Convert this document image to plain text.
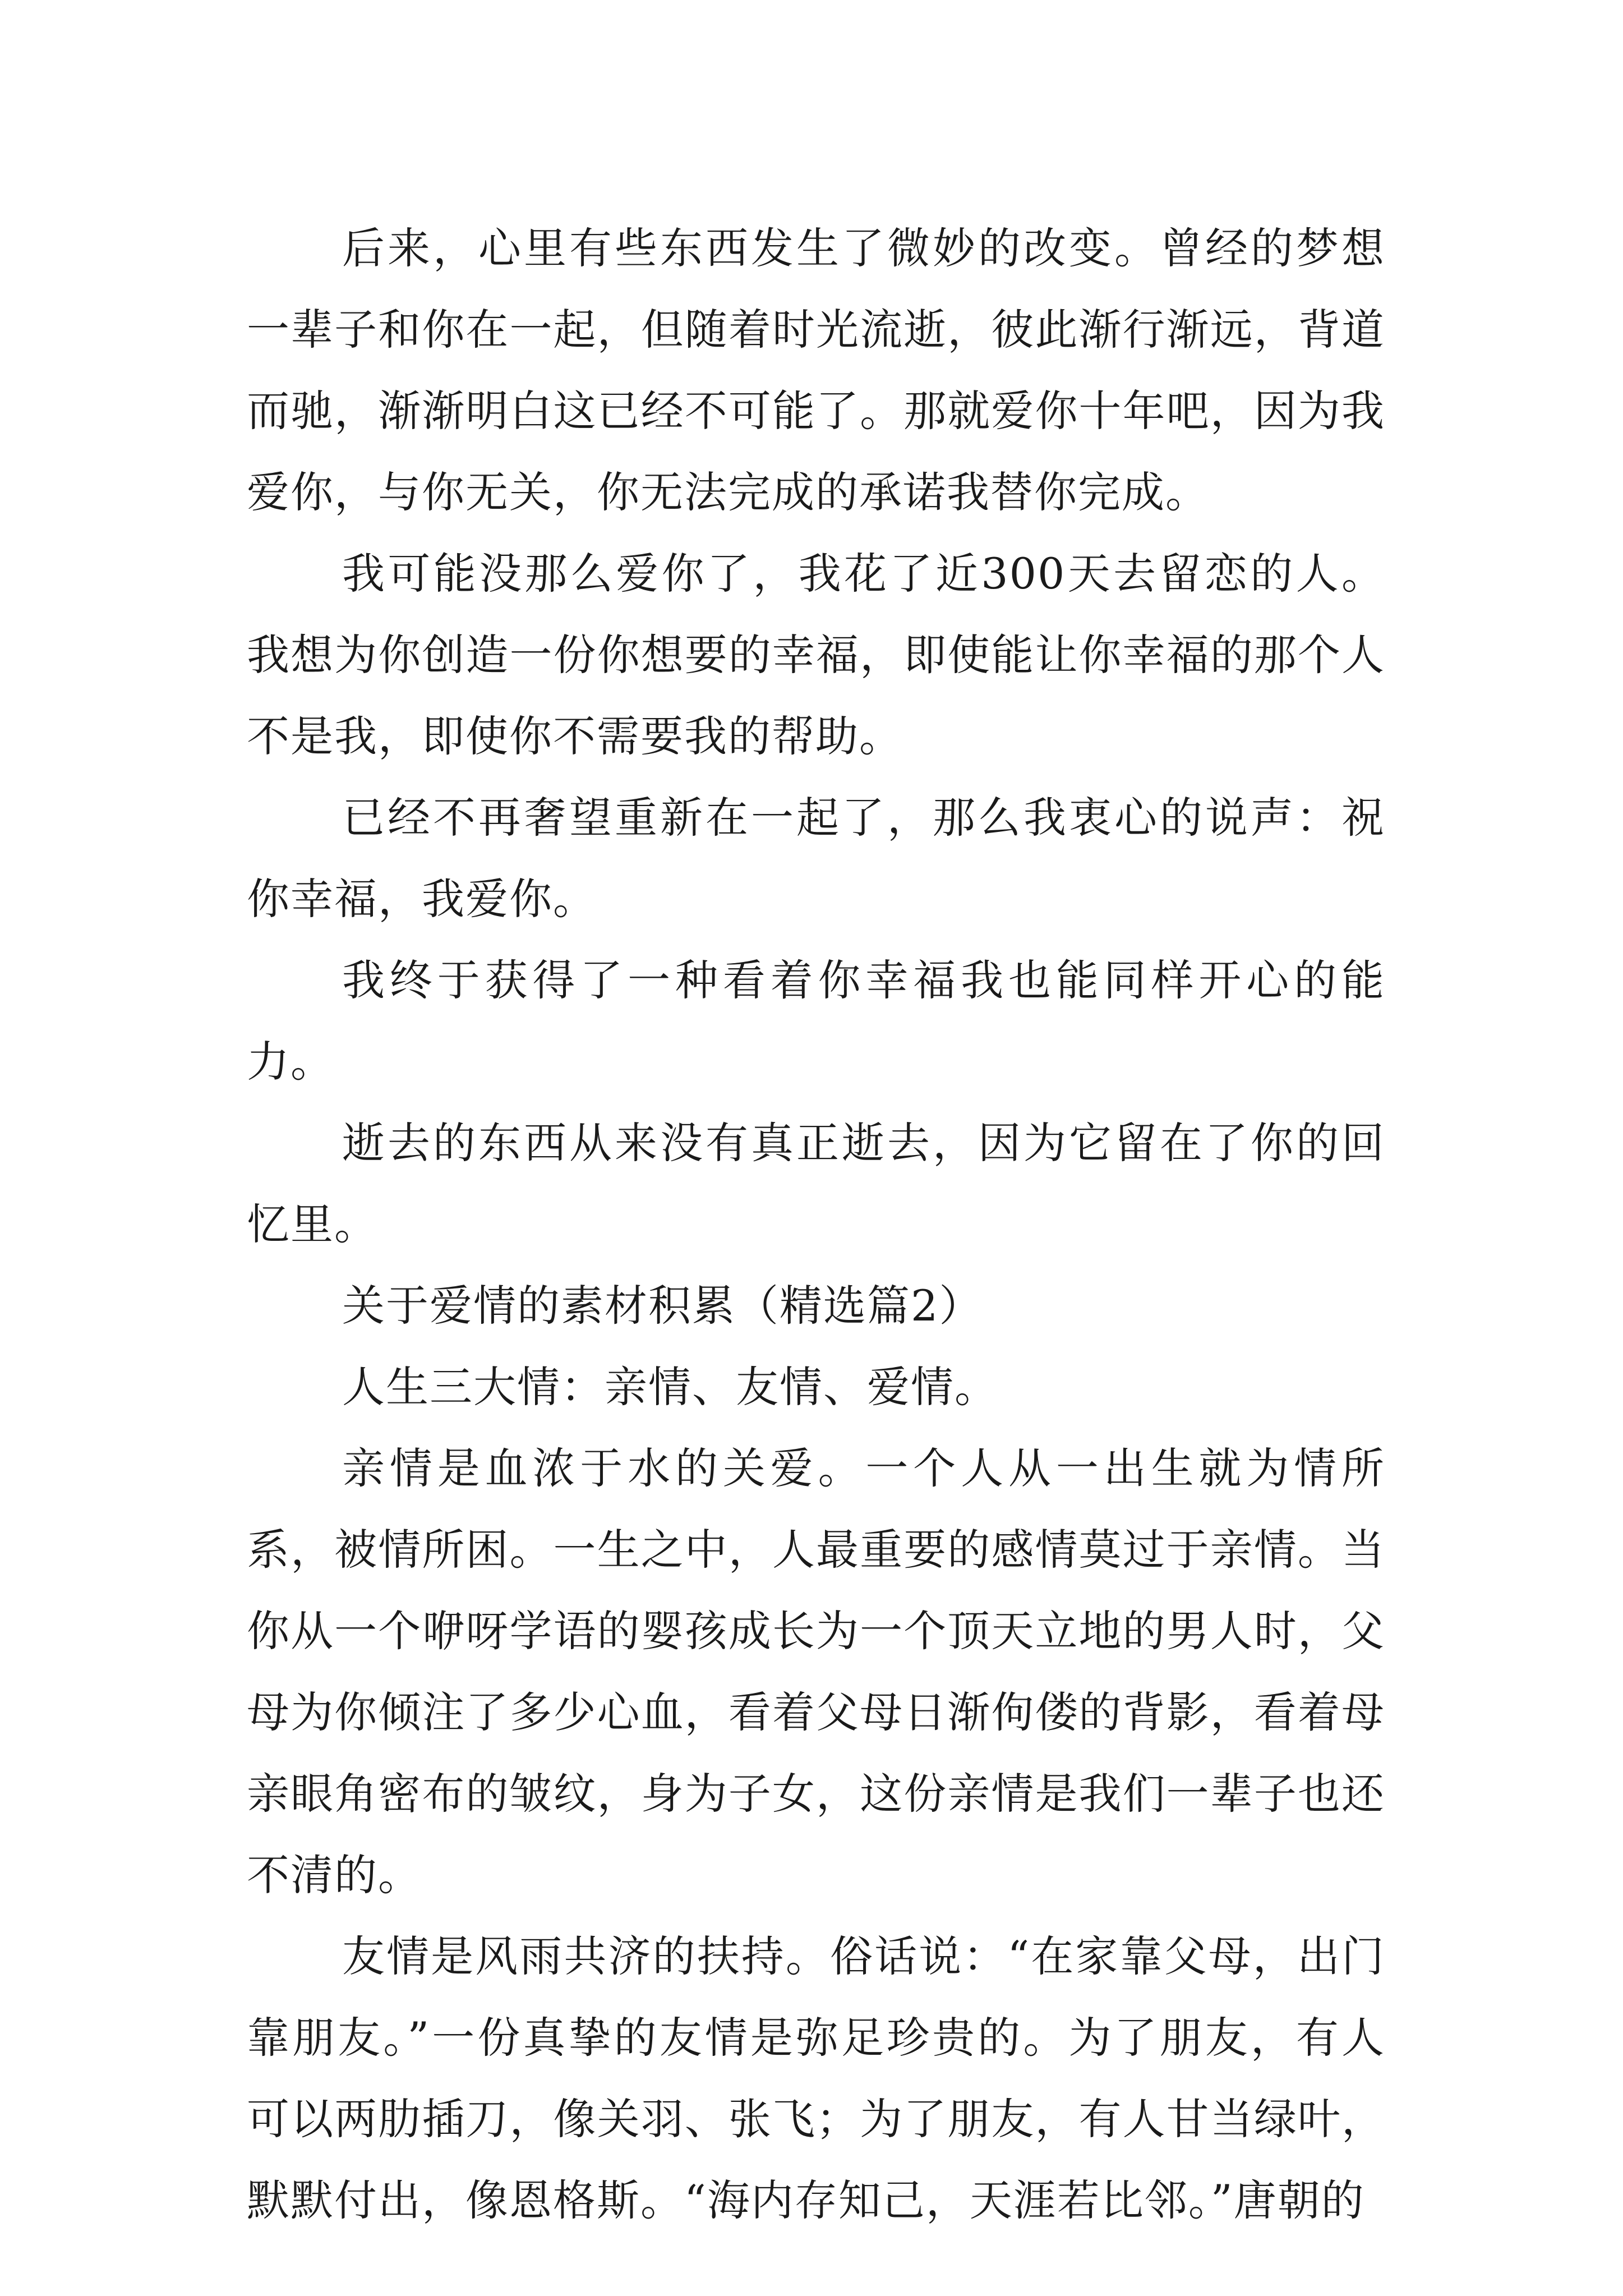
后来，心里有些东西发生了微妙的改变。曾经的梦想一辈子和你在一起，但随着时光流逝，彼此渐行渐远，背道而驰，渐渐明白这已经不可能了。那就爱你十年吧，因为我爱你，与你无关，你无法完成的承诺我替你完成。

我可能没那么爱你了，我花了近300天去留恋的人。我想为你创造一份你想要的幸福，即使能让你幸福的那个人不是我，即使你不需要我的帮助。

已经不再奢望重新在一起了，那么我衷心的说声：祝你幸福，我爱你。

我终于获得了一种看着你幸福我也能同样开心的能力。

逝去的东西从来没有真正逝去，因为它留在了你的回忆里。

关于爱情的素材积累（精选篇2）

人生三大情：亲情、友情、爱情。

亲情是血浓于水的关爱。一个人从一出生就为情所系，被情所困。一生之中，人最重要的感情莫过于亲情。当你从一个咿呀学语的婴孩成长为一个顶天立地的男人时，父母为你倾注了多少心血，看着父母日渐佝偻的背影，看着母亲眼角密布的皱纹，身为子女，这份亲情是我们一辈子也还不清的。

友情是风雨共济的扶持。俗话说：“在家靠父母，出门靠朋友。”一份真挚的友情是弥足珍贵的。为了朋友，有人可以两肋插刀，像关羽、张飞；为了朋友，有人甘当绿叶，默默付出，像恩格斯。“海内存知己，天涯若比邻。”唐朝的
